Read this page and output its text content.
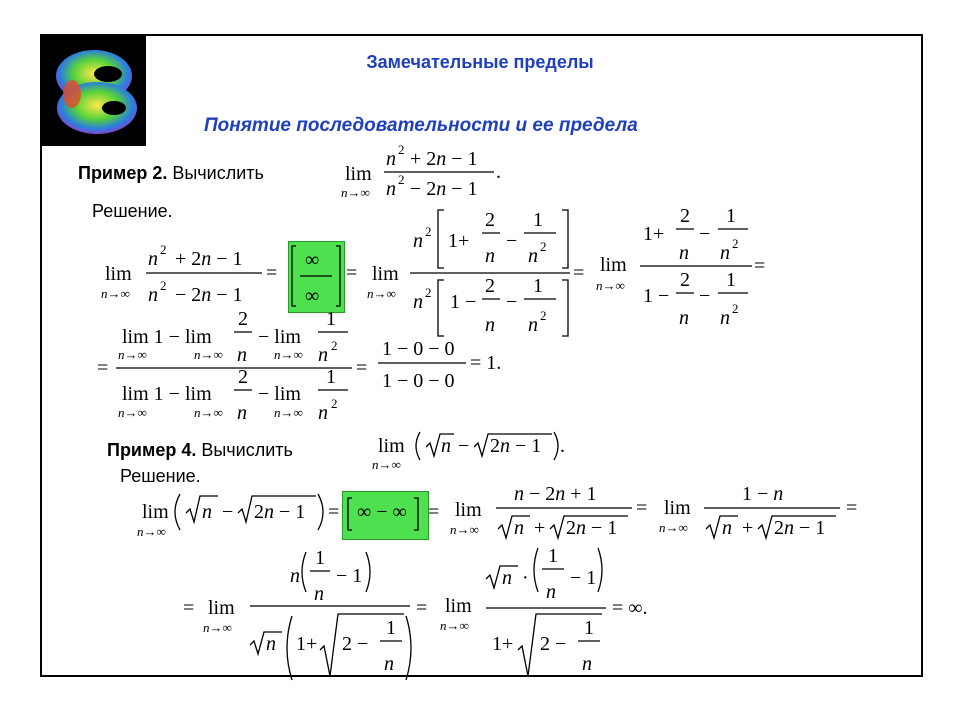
Замечательные пределы
Понятие последовательности и ее предела
Пример 2. Вычислить
Решение.
Пример 4. Вычислить
Решение.
lim
n→∞
n 2 + 2n − 1
n 2 − 2n − 1
.
lim
n→∞
n 2 + 2n − 1
n 2 − 2n − 1
=
∞
∞
= lim
n→∞
n 2 1+
2
n
−
1
n 2
n 2 1 −
2
n
−
1
n 2
= lim
n→∞
1+
2
n
−
1
n 2
1 −
2
n
−
1
n 2
=
=
lim 1 − lim
n→∞	n→∞
2
n
− lim
n→∞
1
n 2
lim 1 − lim
n→∞	n→∞
2
n
− lim
n→∞
1
n 2
=
1 − 0 − 0
1 − 0 − 0
= 1.
lim
n→∞
n − 2n − 1 .
lim
n→∞
n − 2n − 1 = ∞ − ∞ = lim
n→∞
n − 2n + 1
n + 2n − 1
= lim
n→∞
1 − n
n + 2n − 1
=
= lim
n→∞
n
1
n
− 1
n 1+ 2 −
1
n
= lim
n→∞
n ·
1
n
− 1
1+ 2 −
1
n
= ∞.
